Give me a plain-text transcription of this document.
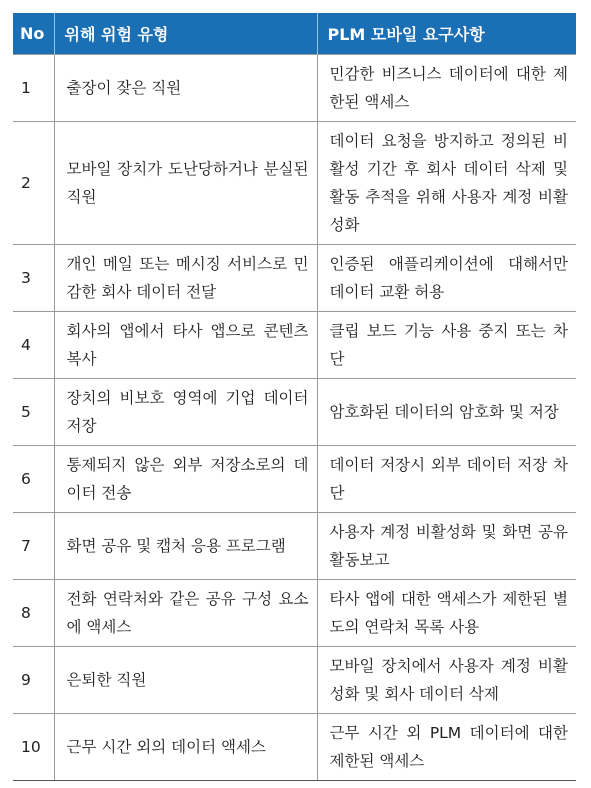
No	위해 위험 유형	PLM 모바일 요구사항
1	출장이 잦은 직원	민감한 비즈니스 데이터에 대한 제한된 액세스
2	모바일 장치가 도난당하거나 분실된 직원	데이터 요청을 방지하고 정의된 비활성 기간 후 회사 데이터 삭제 및 활동 추적을 위해 사용자 계정 비활성화
3	개인 메일 또는 메시징 서비스로 민감한 회사 데이터 전달	인증된 애플리케이션에 대해서만 데이터 교환 허용
4	회사의 앱에서 타사 앱으로 콘텐츠 복사	클립 보드 기능 사용 중지 또는 차단
5	장치의 비보호 영역에 기업 데이터 저장	암호화된 데이터의 암호화 및 저장
6	통제되지 않은 외부 저장소로의 데이터 전송	데이터 저장시 외부 데이터 저장 차단
7	화면 공유 및 캡처 응용 프로그램	사용자 계정 비활성화 및 화면 공유 활동보고
8	전화 연락처와 같은 공유 구성 요소에 액세스	타사 앱에 대한 액세스가 제한된 별도의 연락처 목록 사용
9	은퇴한 직원	모바일 장치에서 사용자 계정 비활성화 및 회사 데이터 삭제
10	근무 시간 외의 데이터 액세스	근무 시간 외 PLM 데이터에 대한 제한된 액세스
